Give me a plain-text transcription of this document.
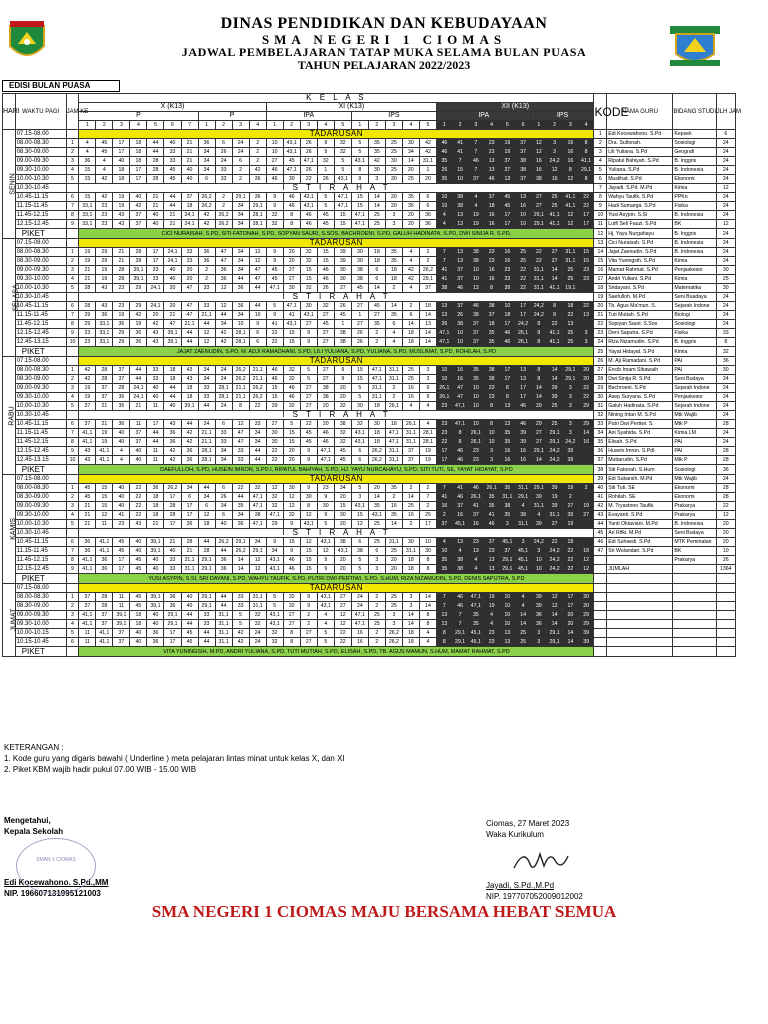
DINAS PENDIDIKAN DAN KEBUDAYAAN
SMA NEGERI 1 CIOMAS
JADWAL PEMBELAJARAN TATAP MUKA SELAMA BULAN PUASA
TAHUN PELAJARAN 2022/2023
EDISI BULAN PUASA
HARI	WAKTU PAGI	JAM KE	K E L A S																															KODE	NAMA GURU	BIDANG STUDI	JLH JAM
			X (K13)											XI (K13)										XII (K13)													
			P							P				IPA					IPS					IPA						IPS							
			1	2	3	4	5	6	7	1	2	3	4	1	2	3	4	5	1	2	3	4	5	1	2	3	4	5	6	1	2	3	4				
SENIN	07.15-08.00		TADARUSAN																															1	Edi Kocewahono. S.Pd	Kepsek	6
	08.00-08.30	1	4	45	17	18	44	40	21	36	6	24	2	10	43,1	26	9	32	5	35	25	30	42	46	41	7	23	19	37	12	3	16	8	2	Dra. Sultonah.	Sosiologi	24
	08.30-09.00	2	4	45	17	18	44	33	21	34	26	24	2	10	43,1	26	9	32	5	35	25	34	42	46	41	7	23	19	37	12	3	16	8	3	Lili Yuliana. S.Pd	Geografi	24
	09.00-09.30	3	36	4	40	18	28	33	21	34	24	6	2	27	45	47,1	32	5	43,1	42	30	14	31,1	35	7	46	13	37	38	16	24,2	16	41,1	4	Ripatul Bahiyah. S.Pd	B. Inggris	24
	09.30-10.00	4	15	4	18	17	28	45	40	34	33	2	42	46	47,1	26	1	5	8	30	25	20	1	26	15	7	13	37	38	16	12	8	29,1	5	Yuliana. S.Pd	B. Indonesia	24
	10.00-10.30	5	15	42	18	17	28	45	40	6	33	2	36	46	30	22	26	43,1	9	3	30	25	20	35	10	37	46	13	37	38	16	12	8	6	Muslihat. S.Pd	Ekonomi	24
	10.30-10.45		I S T I R A H A T																															7	Jayadi. S.Pd. M.Pd	Kimia	12
	10.45-11.15	6	15	42	19	40	21	44	37	26,2	2	29,1	36	9	46	43,1	5	47,1	15	14	20	35	6	10	38	4	37	45	13	27	25	41,1	22	8	Wahyu Taufik. S.Pd	PPKn	24
	11.15-11.45	7	33,1	23	19	42	21	44	18	26,2	2	34	29,1	9	46	43,1	5	47,1	15	14	20	35	6	10	38	4	18	45	16	27	25	41,1	22	9	Hadi Sumarga. S.Pd	Fisika	24
	11.45-12.15	8	33,1	23	43	37	40	21	24,1	42	26,2	34	28,1	32	8	46	45	15	47,1	25	3	20	36	4	13	19	16	17	10	29,1	41,1	12	17	10	Yusi Asypin. S.Si	B. Indonesia	24
	12.15-12.45	9	33,1	23	43	37	40	21	24,1	42	26,2	34	28,1	32	8	46	45	15	47,1	25	3	20	36	4	13	19	16	17	10	29,1	41,1	12	17	11	Lutfi Seli Fauzi. S.Pd	BK	12
	PIKET		CICI NURAISAH, S.PD, SITI FATONAH, S.PD, SOPYAN SAURI, S.SOS, BACHROENI, S.PD, GALUH HADINATA, S.PD, DWI SINIJA R, S.PD,																															12	Hj. Yayu Nurgahayu	B. Inggris	24
SELASA	07.15-08.00		TADARUSAN																															13	Cici Nuraisah. S.Pd	B. Indonesia	24
	08.00-08.30	1	19	29	21	28	17	24,1	33	36	47	34	12	9	20	32	15	39	30	18	35	4	2	7	13	38	23	16	25	22	27	31,1	15	14	Jajat Zaenudin. S.Pd	B. Indonesia	24
	08.30-09.00	2	19	29	21	28	17	24,1	33	36	47	34	12	9	20	32	15	39	30	18	35	4	2	7	13	38	23	16	25	22	27	31,1	15	15	Vita Yuningsih. S.Pd	Kimia	24
	09.00-09.30	3	21	19	28	39,1	33	40	20	2	36	34	47	45	27	15	46	30	38	6	18	42	26,2	41	37	10	16	23	22	31,1	14	25	23	16	Mamat Rahmat. S.Pd	Penjaskesor	30
	09.30-10.00	4	21	19	28	39,1	33	40	20	2	36	44	47	45	27	15	46	30	38	6	18	42	29,1	41	37	10	16	23	22	31,1	14	25	23	17	Andri Yuliani. S.Pd	Kimia	25
	10.00-10.30	5	28	43	23	29	24,1	20	47	33	12	36	44	47,1	30	32	26	27	45	14	2	4	37	38	46	13	8	39	22	31,1	41,1	19,1		18	Sridayani. S.Pd	Matematika	30
	10.30-10.45		I S T I R A H A T																															19	Saefulloh. M.Pd	Seni Buadaya	24
	10.45-11.15	6	28	43	23	29	24,1	20	47	33	12	36	44	5	47,1	30	32	26	27	45	14	2	18	13	37	46	38	10	17	24,2	8	18	22	20	Tb. Agus Ma'mun. S.	Sejarah Indone	24
	11.15-11.45	7	29	36	19	42	20	21	47	21,1	44	34	10	9	41	43,1	27	45	1	27	35	6	14	13	26	38	37	18	17	24,2	8	22	13	21	Tuti Mutiah. S.Pd	Biologi	24
	11.45-12.15	8	29	33,1	36	19	42	47	21,1	44	34	10	9	41	43,1	27	45	1	27	35	6	14	13	26	38	37	18	17	24,2	8	22	13		22	Sopiyan Sauri. S.Sos	Sosiologi	24
	12.15-12.45	9	23	33,1	29	36	43	39,1	44	12	42	28,1	6	22	15	9	27	38	26	2	4	18	14	47,1	10	37	35	46	26,1	8	41,1	25	3	23	Deni Saputra. S.Pd	Fisika	33
	12.45-13.15	10	23	33,1	29	36	43	39,1	44	12	42	28,1	6	22	15	9	27	38	26	2	4	18	14	47,1	10	37	35	46	26,1	8	41,1	25	3	24	Riza Nizamudin. S.Pd	B. Inggris	8
	PIKET		JAJAT ZAENUDIN, S.PD, M. ADJI RAMADHANI, S.PD, LILI YULIANA, S.PD, YULIANA, S.PD, MUSLIMAT, S.PD, ROHILAH, S.PD																															25	Yayat Hidayat. S.Pd	Kimia	32
RABU	07.15-08.00		TADARUSAN																															26	M. Aji Ramadani. S.Pd	PAI	36
	08.00-08.30	1	42	28	37	44	33	18	43	34	24	26,2	21,1	46	32	5	27	9	15	47,1	31,1	25	3	10	16	35	38	17	13	8	14	29,1	20	27	Encib Imam Sibawaih	PAI	30
	08.30-09.00	2	42	28	37	44	33	18	43	34	24	26,2	21,1	46	32	5	27	9	15	47,1	31,1	25	3	10	16	35	38	17	13	8	14	29,1	20	28	Dwi Sinija R. S.Pd	Seni Budaya	24
	09.00-09.30	3	19	37	28	24,1	40	44	18	33	28,1	21,1	26,2	15	46	27	38	20	5	31,1	2	16	9	26,1	47	10	23	8	17	14	39	3	22	29	Bachroeni. S.Pd	Sejarah Indone	24
	09.30-10.00	4	19	37	36	24,1	40	44	18	33	28,1	21,1	26,2	15	46	27	38	20	5	31,1	2	16	9	26,1	47	10	23	8	17	14	39	3	22	30	Asep Suryana. S.Pd	Penjaskesor	24
	10.00-10.30	5	37	21	36	21	11	40	39,1	44	24	8	22	29	32	27	20	32	30	18	26,1	4	4	23	47,1	10	8	13	46	29	25	3	29	31	Galuh Hadinata. S.Pd	Sejarah Indone	24
	10.30-10.45		I S T I R A H A T																															32	Nining Intan M. S.Pd	Mtk Wajib	24
	10.45-11.15	6	37	21	36	11	17	43	44	24	6	12	33	27	5	22	20	38	32	30	18	26,1	4	23	47,1	10	8	13	46	29	25	3	29	33	Putri Dwi Pertiwi. S.	Mtk P	28
	11.15-11.45	7	41,1	19	40	37	44	36	42	21,1	33	47	34	30	15	45	46	32	43,1	18	47,1	31,1	28,1	23	8	26,1	10	35	39	27	29,1	3	14	34	Ani Syahida. S.Pd	Kimia LM	24
	11.45-12.15	8	41,1	19	40	37	44	36	42	21,1	33	47	34	30	15	45	46	32	43,1	18	47,1	31,1	28,1	22	8	26,1	10	35	39	27	29,1	24,2	16	35	Elisah. S.Pd	PAI	24
	12.15-12.45	9	43	41,1	4	40	11	42	36	28,1	34	33	44	22	20	9	47,1	45	6	26,2	31,1	37	19	17	46	23	3	16	16	29,1	24,2	39		36	Husein Imron. S.PdI	PAI	28
	12.45-13.15	10	43	41,1	4	40	11	42	36	28,1	34	33	44	22	20	9	47,1	45	6	26,2	31,1	37	19	17	46	23	3	16	16	14	24,2	39		37	Muttarudin. S.Pd	Mtk P	28
	PIKET		DAEFULLOH, S.PD, HUSEIN IMRON, S.PD.I, RIPATUL BAHIYAH, S.PD, HJ. YAYU NURCAHAYU, S.PD, SITI TUTI, SE, YAYAT HIDAYAT, S.PD																															38	Siti Fatonah. S.Hum	Sosiologi	36
KAMIS	07.15-08.00		TADARUSAN																															39	Edi Sukarsih. M.Pd	Mtk Wajib	24
	08.00-08.30	1	45	15	40	22	36	26,2	34	44	6	22	32	12	30	9	23	34	5	20	35	2	2	7	41	46	26,1	35	31,1	29,1	39	19	2	40	Siti Tuti. SE	Ekonomi	28
	08.30-09.00	2	45	15	40	22	18	17	6	34	26	44	47,1	32	12	30	9	20	3	14	2	14	7	41	46	26,1	35	31,1	29,1	39	19	2		41	Rohilah. SE	Ekonomi	28
	09.00-09.30	3	21	15	40	22	18	28	17	6	34	35	47,1	32	12	8	30	15	43,1	35	16	25	2	16	37	41	35	38	4	31,1	39	27	19	42	M. Tryastono Taufik.	Prakarya	22
	09.30-10.00	4	21	12	41	22	18	28	17	12	6	34	38	47,1	32	12	9	30	15	43,1	35	16	25	2	16	37	41	35	38	4	31,1	39	27	43	Evayanti. S.Pd	Prakarya	12
	10.00-10.30	5	21	11	23	43	21	17	36	18	40	36	47,1	29	9	43,1	5	20	12	25	14	2	17	37	45,1	16	46	3	31,1	39	27	19		44	Yanti Oktaviani. M.Pd	B. Indonesia	20
	10.30-10.45		I S T I R A H A T																															45	Ari Rifki. M.Pd	Seni Budaya	20
	10.45-11.15	6	36	41,1	45	40	39,1	21	28	44	26,2	29,1	34	9	15	12	43,1	38	6	25	31,1	30	10	4	13	23	37	45,1	3	24,2	22	18		46	Edi Suhaedi. S.Pd	MTK Peminatan	20
	11.15-11.45	7	36	41,1	45	40	39,1	40	21	28	44	26,2	29,1	34	9	15	12	43,1	38	6	25	31,1	30	10	4	13	23	37	45,1	3	24,2	22	18	47	Sri Wulandari. S.Pd	BK	10
	11.45-12.15	8	41,1	36	17	45	40	33	31,1	29,1	36	14	12	43,1	46	15	9	20	5	3	20	18	8	35	38	4	13	29,1	45,1	10	24,2	22	12			Prakarya	26
	12.15-12.45	9	41,1	36	17	45	40	33	31,1	29,1	36	14	12	43,1	46	15	9	20	5	3	20	18	8	35	38	4	13	29,1	45,1	10	24,2	22	12		JUMLAH		1364
	PIKET		YUSI ASYPIN, S.SI, SRI DAYANI, S.PD, WAHYU TAUFIK, S.PD, PUTRI DWI PERTIWI, S.PD, S.HUM, RIZA NIZAMUDIN, S.PD, DENIS SAPUTRA, S.PD																																		
JUMAT	07.15-08.00		TADARUSAN																																		
	08.00-08.30	1	37	28	11	45	39,1	36	40	29,1	44	33	31,1	5	32	9	43,1	27	24	2	25	3	14	7	46	47,1	19	10	4	39	12	17	20				
	08.30-09.00	2	37	28	11	45	39,1	36	40	29,1	44	33	31,1	5	32	9	43,1	27	24	2	25	3	14	7	46	47,1	19	10	4	39	12	17	20				
	09.00-09.30	3	41,1	37	39,1	18	40	29,1	44	33	31,1	5	32	43,1	27	2	4	12	47,1	25	3	14	8	13	7	35	4	10	14	36	14	20	29				
	09.30-10.00	4	41,1	37	39,1	18	40	29,1	44	33	31,1	5	32	43,1	27	2	4	12	47,1	25	3	14	8	13	7	35	4	10	14	36	14	20	29				
	10.00-10.15	5	11	41,1	37	40	36	17	45	44	31,1	42	24	32	8	27	5	22	16	2	26,2	18	4	8	29,1	45,1	23	13	25	3	29,1	14	39				
	10.15-10.45	6	11	41,1	37	40	36	17	45	44	31,1	42	24	32	8	27	5	22	16	2	26,2	18	4	8	29,1	45,1	23	13	25	3	29,1	14	39				
	PIKET		VITA YUNINGSIH, M.PD, ANDRI YULIANA, S.PD, TUTI MUTIAH, S.PD, ELISAH, S.PD, TB. AGUS MAMUN, S.HUM, MAMAT RAHMAT, S.PD																																		
KETERANGAN :
1. Kode guru yang digaris bawahi ( Underline ) meta pelajaran lintas minat untuk kelas X, dan XI
2. Piket KBM wajib hadir pukul 07.00 WIB - 15.00 WIB
Mengetahui,
Kepala Sekolah
Edi Kocewahono. S.Pd.,MM
NIP. 196607131995121003
SMAN 1 CIOMAS
Ciomas, 27 Maret 2023
Waka Kurikulum
Jayadi, S.Pd.,M.Pd
NIP. 197707052009012002
SMA NEGERI 1 CIOMAS MAJU BERSAMA HEBAT SEMUA
